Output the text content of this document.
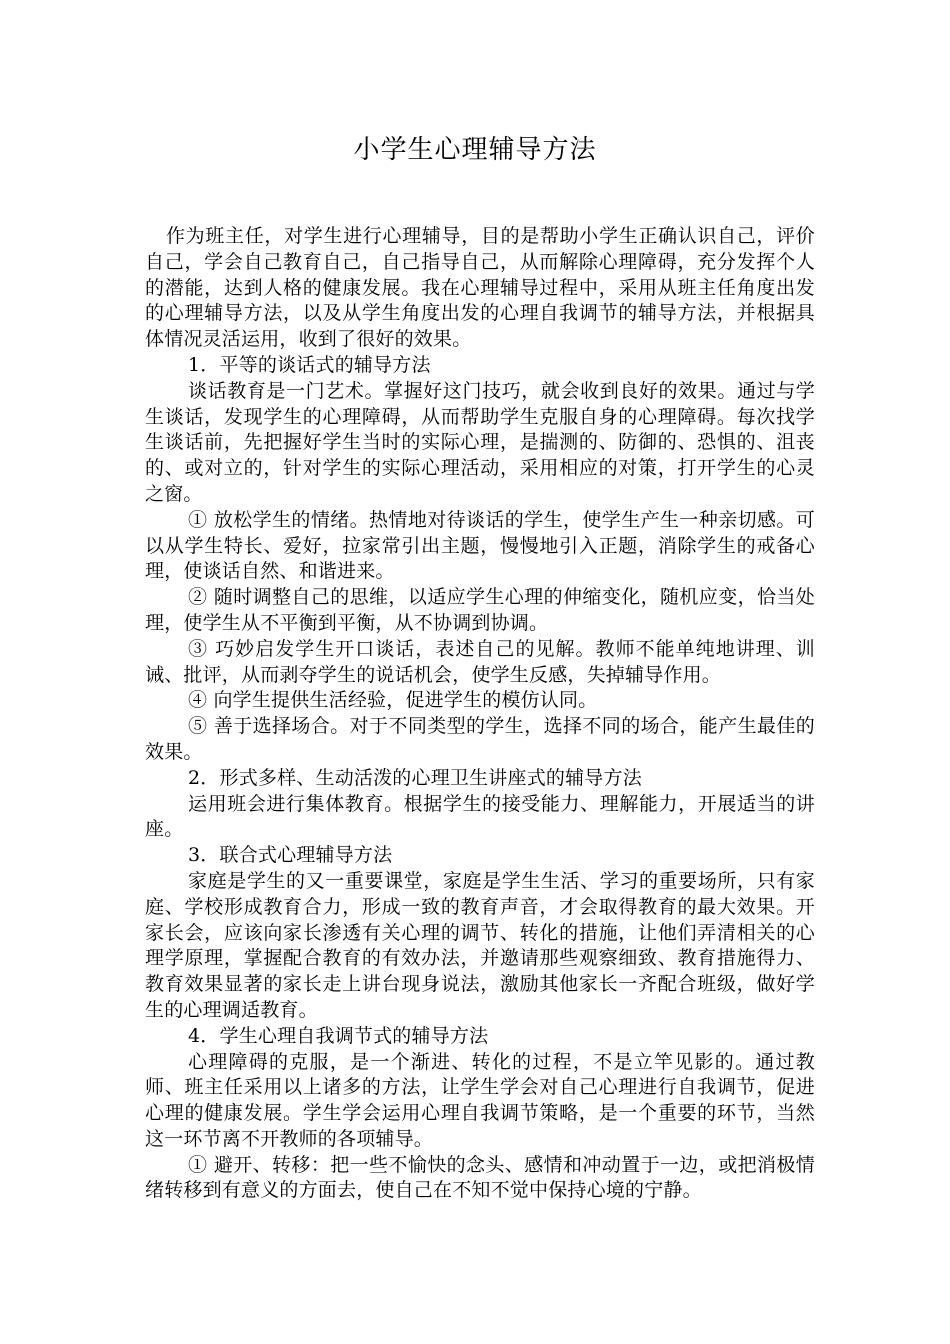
小学生心理辅导方法

作为班主任，对学生进行心理辅导，目的是帮助小学生正确认识自己，评价自己，学会自己教育自己，自己指导自己，从而解除心理障碍，充分发挥个人的潜能，达到人格的健康发展。我在心理辅导过程中，采用从班主任角度出发的心理辅导方法，以及从学生角度出发的心理自我调节的辅导方法，并根据具体情况灵活运用，收到了很好的效果。

1．平等的谈话式的辅导方法

谈话教育是一门艺术。掌握好这门技巧，就会收到良好的效果。通过与学生谈话，发现学生的心理障碍，从而帮助学生克服自身的心理障碍。每次找学生谈话前，先把握好学生当时的实际心理，是揣测的、防御的、恐惧的、沮丧的、或对立的，针对学生的实际心理活动，采用相应的对策，打开学生的心灵之窗。

① 放松学生的情绪。热情地对待谈话的学生，使学生产生一种亲切感。可以从学生特长、爱好，拉家常引出主题，慢慢地引入正题，消除学生的戒备心理，使谈话自然、和谐进来。

② 随时调整自己的思维，以适应学生心理的伸缩变化，随机应变，恰当处理，使学生从不平衡到平衡，从不协调到协调。

③ 巧妙启发学生开口谈话，表述自己的见解。教师不能单纯地讲理、训诫、批评，从而剥夺学生的说话机会，使学生反感，失掉辅导作用。

④ 向学生提供生活经验，促进学生的模仿认同。

⑤ 善于选择场合。对于不同类型的学生，选择不同的场合，能产生最佳的效果。

2．形式多样、生动活泼的心理卫生讲座式的辅导方法

运用班会进行集体教育。根据学生的接受能力、理解能力，开展适当的讲座。

3．联合式心理辅导方法

家庭是学生的又一重要课堂，家庭是学生生活、学习的重要场所，只有家庭、学校形成教育合力，形成一致的教育声音，才会取得教育的最大效果。开家长会，应该向家长渗透有关心理的调节、转化的措施，让他们弄清相关的心理学原理，掌握配合教育的有效办法，并邀请那些观察细致、教育措施得力、教育效果显著的家长走上讲台现身说法，激励其他家长一齐配合班级，做好学生的心理调适教育。

4．学生心理自我调节式的辅导方法

心理障碍的克服，是一个渐进、转化的过程，不是立竿见影的。通过教师、班主任采用以上诸多的方法，让学生学会对自己心理进行自我调节，促进心理的健康发展。学生学会运用心理自我调节策略，是一个重要的环节，当然这一环节离不开教师的各项辅导。

① 避开、转移：把一些不愉快的念头、感情和冲动置于一边，或把消极情绪转移到有意义的方面去，使自己在不知不觉中保持心境的宁静。
